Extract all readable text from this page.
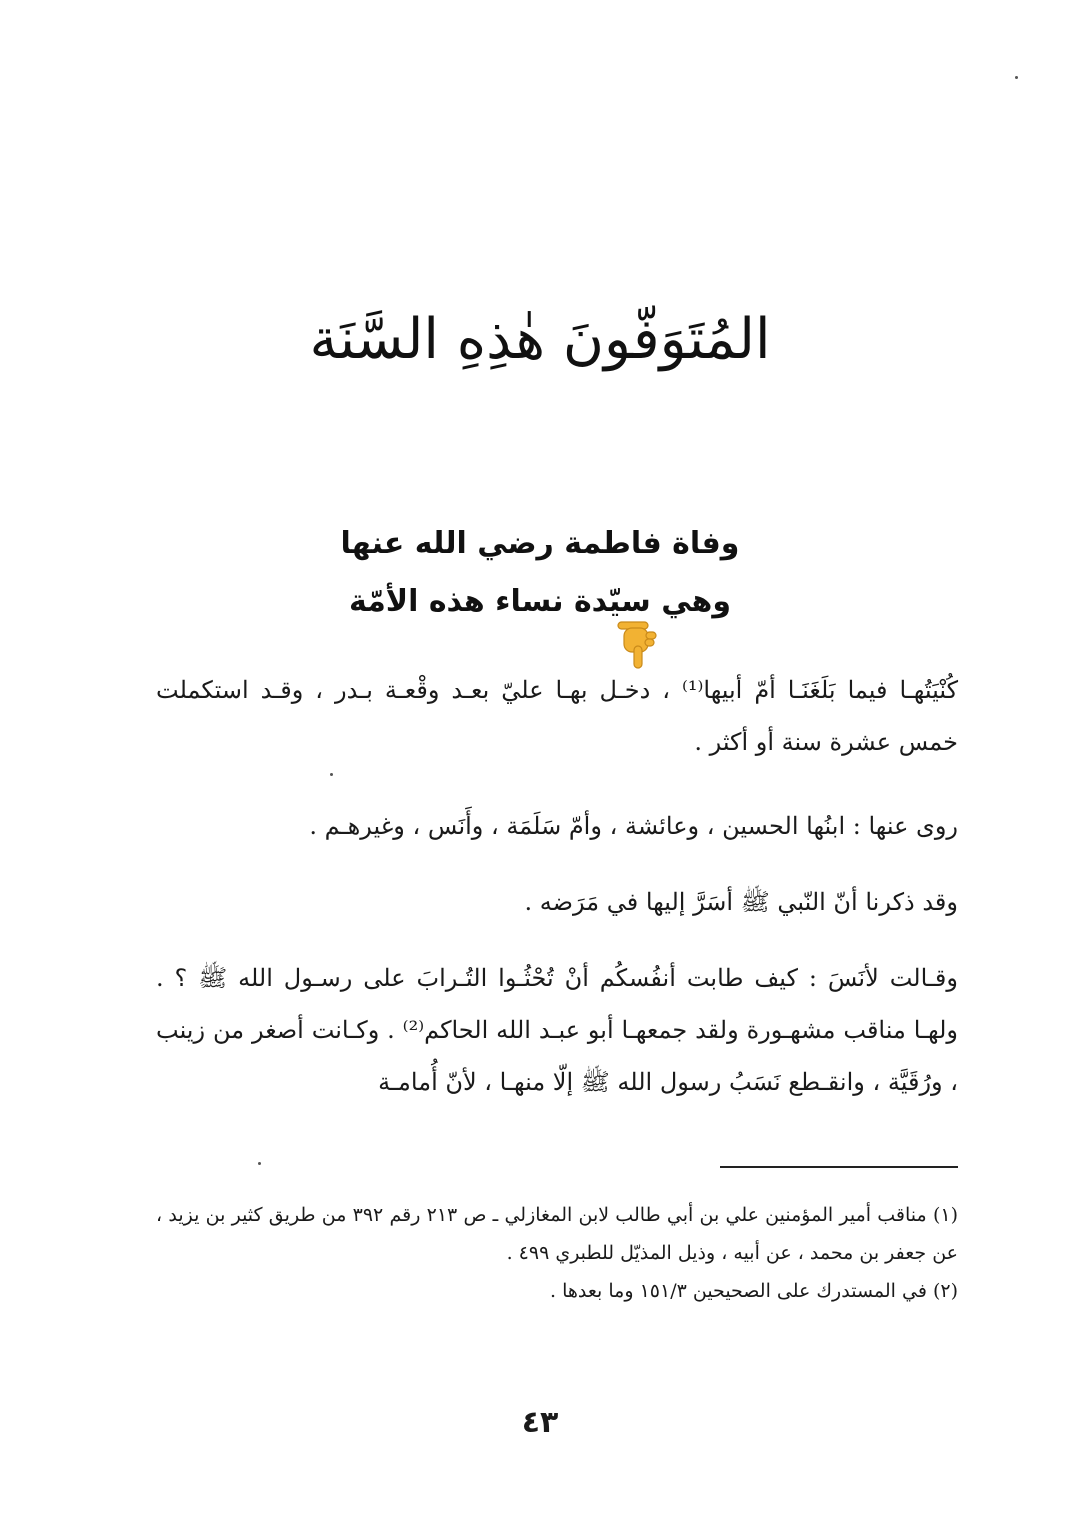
المُتَوَفّونَ هٰذِهِ السَّنَة
وفاة فاطمة رضي الله عنها
وهي سيّدة نساء هذه الأمّة
كُنْيَتُهـا فيما بَلَغَنَـا أمّ أبيها⁽¹⁾ ، دخـل بهـا عليّ بعـد وقْعـة بـدر ، وقـد استكملت خمس عشرة سنة أو أكثر .
روى عنها : ابنُها الحسين ، وعائشة ، وأمّ سَلَمَة ، وأَنَس ، وغيرهـم .
وقد ذكرنا أنّ النّبي ﷺ أسَرَّ إليها في مَرَضه .
وقـالت لأنَسَ : كيف طابت أنفُسكُم أنْ تُحْثُـوا التُـرابَ على رسـول الله ﷺ ؟ . ولهـا مناقب مشهـورة ولقد جمعهـا أبو عبـد الله الحاكم⁽²⁾ . وكـانت أصغر من زينب ، ورُقَيَّة ، وانقـطع نَسَبُ رسول الله ﷺ إلّا منهـا ، لأنّ أُمامـة
(١) مناقب أمير المؤمنين علي بن أبي طالب لابن المغازلي ـ ص ٢١٣ رقم ٣٩٢ من طريق كثير بن يزيد ، عن جعفر بن محمد ، عن أبيه ، وذيل المذيّل للطبري ٤٩٩ .
(٢) في المستدرك على الصحيحين ١٥١/٣ وما بعدها .
٤٣
